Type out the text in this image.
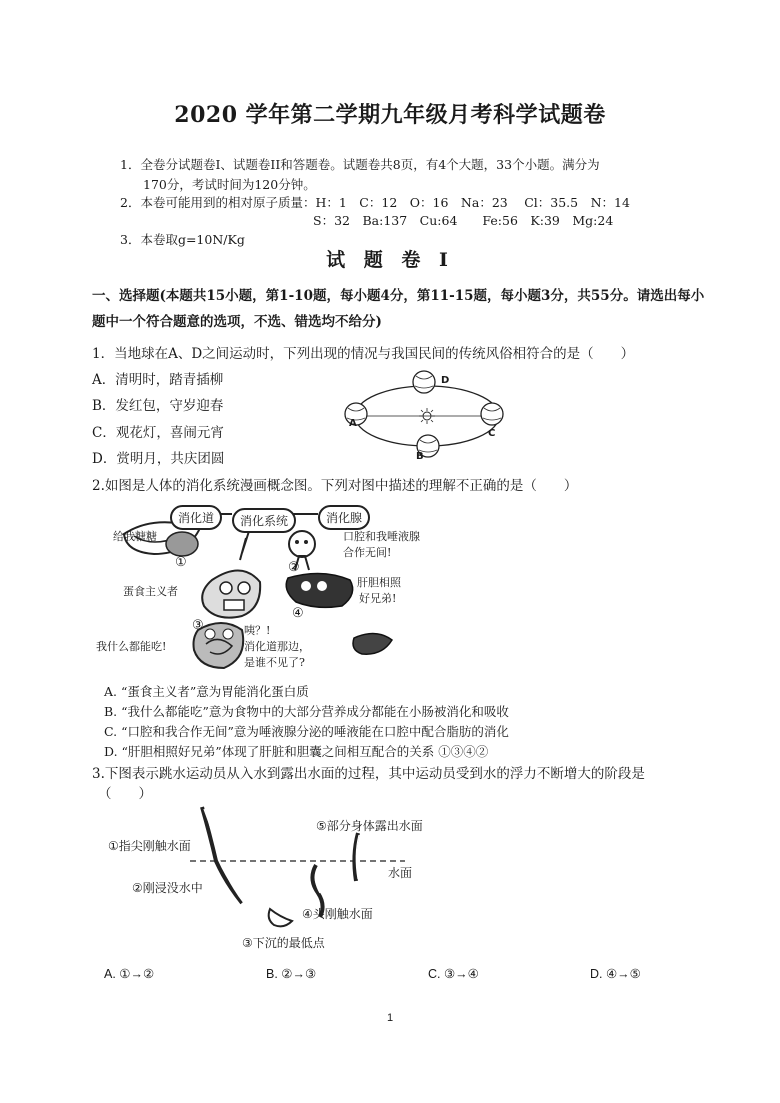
2020 学年第二学期九年级月考科学试题卷
1．全卷分试题卷I、试题卷II和答题卷。试题卷共8页，有4个大题，33个小题。满分为
170分，考试时间为120分钟。
2．本卷可能用到的相对原子质量：H：1　C：12　O：16　Na：23　 Cl：35.5　N：14
S：32　Ba:137　Cu:64　　Fe:56　K:39　Mg:24
3．本卷取g=10N/Kg
试 题 卷 I
一、选择题(本题共15小题，第1-10题，每小题4分，第11-15题，每小题3分，共55分。请选出每小
题中一个符合题意的选项，不选、错选均不给分)
1．当地球在A、D之间运动时，下列出现的情况与我国民间的传统风俗相符合的是（　　）
A．清明时，踏青插柳
B．发红包，守岁迎春
C．观花灯，喜闹元宵
D．赏明月，共庆团圆
A
D
C
B
2.如图是人体的消化系统漫画概念图。下列对图中描述的理解不正确的是（　　）
消化道	消化系统	消化腺
给我糖糖	口腔和我唾液腺
合作无间!
蛋食主义者
肝胆相照
好兄弟!
我什么都能吃!
咦？!
消化道那边，
是谁不见了?
①	②
③
④
A. “蛋食主义者”意为胃能消化蛋白质
B. “我什么都能吃”意为食物中的大部分营养成分都能在小肠被消化和吸收
C. “口腔和我合作无间”意为唾液腺分泌的唾液能在口腔中配合脂肪的消化
D. “肝胆相照好兄弟”体现了肝脏和胆囊之间相互配合的关系 ①③④②
3.下图表示跳水运动员从入水到露出水面的过程，其中运动员受到水的浮力不断增大的阶段是
（　　）
①指尖刚触水面
②刚浸没水中
③下沉的最低点
④头刚触水面
⑤部分身体露出水面
水面
A. ①→②	B. ②→③	C. ③→④	D. ④→⑤
1
